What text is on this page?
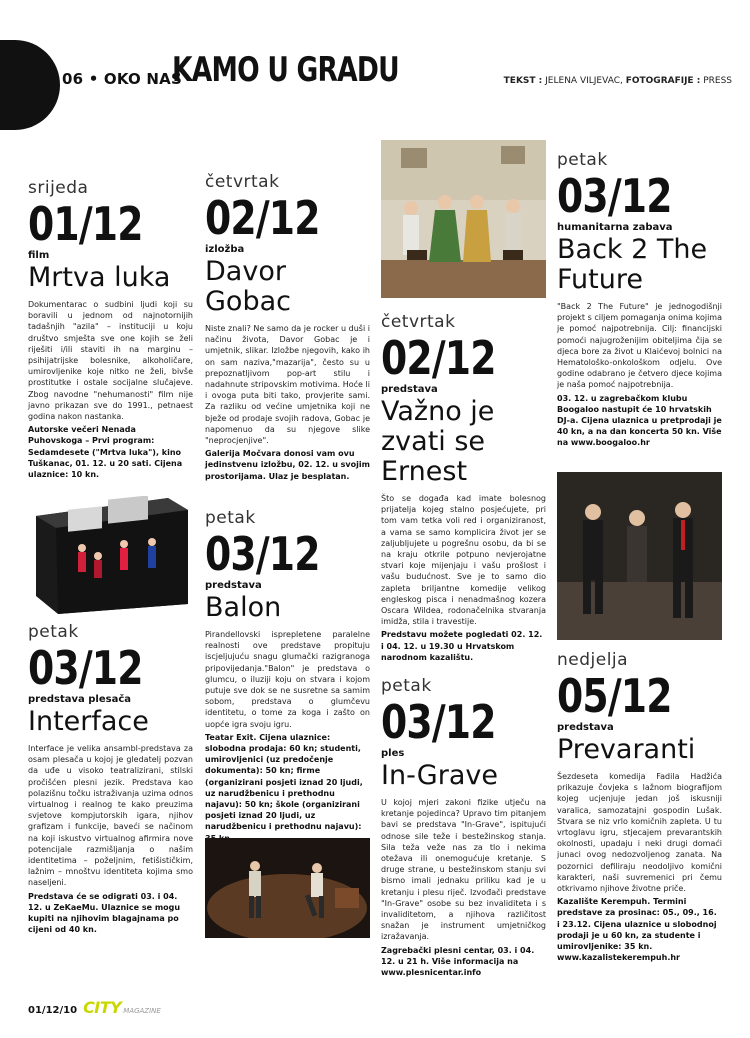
06 • OKO NAS
KAMO U GRADU	TEKST : JELENA VILJEVAC, FOTOGRAFIJE : PRESS
srijeda
01/12
film
Mrtva luka
Dokumentarac o sudbini ljudi koji su boravili u jednom od najnotornijih tadašnjih "azila" – instituciji u koju društvo smješta sve one kojih se želi riješiti i/ili staviti ih na marginu – psihijatrijske bolesnike, alkoholičare, umirovljenike koje nitko ne želi, bivše prostitutke i ostale socijalne slučajeve. Zbog navodne "nehumanosti" film nije javno prikazan sve do 1991., petnaest godina nakon nastanka.
Autorske večeri Nenada Puhovskoga – Prvi program: Sedamdesete ("Mrtva luka"), kino Tuškanac, 01. 12. u 20 sati. Cijena ulaznice: 10 kn.
petak
03/12
predstava plesača
Interface
Interface je velika ansambl-predstava za osam plesača u kojoj je gledatelj pozvan da uđe u visoko teatralizirani, stilski pročišćen plesni jezik. Predstava kao polazišnu točku istraživanja uzima odnos virtualnog i realnog te kako preuzima svjetove kompjutorskih igara, njihov grafizam i funkcije, baveći se načinom na koji iskustvo virtualnog afirmira nove potencijale razmišljanja o našim identitetima – poželjnim, fetišističkim, lažnim – mnoštvu identiteta kojima smo naseljeni.
Predstava će se odigrati 03. i 04. 12. u ZeKaeMu. Ulaznice se mogu kupiti na njihovim blagajnama po cijeni od 40 kn.
četvrtak
02/12
izložba
Davor Gobac
Niste znali? Ne samo da je rocker u duši i načinu života, Davor Gobac je i umjetnik, slikar. Izložbe njegovih, kako ih on sam naziva,"mazarija", često su u prepoznatljivom pop-art stilu i nadahnute stripovskim motivima. Hoće li i ovoga puta biti tako, provjerite sami. Za razliku od većine umjetnika koji ne bježe od prodaje svojih radova, Gobac je napomenuo da su njegove slike "neprocjenjive".
Galerija Močvara donosi vam ovu jedinstvenu izložbu, 02. 12. u svojim prostorijama. Ulaz je besplatan.
petak
03/12
predstava
Balon
Pirandellovski isprepletene paralelne realnosti ove predstave propituju iscjeljujuću snagu glumački razigranoga pripovijedanja."Balon" je predstava o glumcu, o iluziji koju on stvara i kojom putuje sve dok se ne susretne sa samim sobom, predstava o glumčevu identitetu, o tome za koga i zašto on uopće igra svoju igru.
Teatar Exit. Cijena ulaznice: slobodna prodaja: 60 kn; studenti, umirovljenici (uz predočenje dokumenta): 50 kn; firme (organizirani posjeti iznad 20 ljudi, uz narudžbenicu i prethodnu najavu): 50 kn; škole (organizirani posjeti iznad 20 ljudi, uz narudžbenicu i prethodnu najavu):
četvrtak
02/12
predstava
Važno je zvati se Ernest
Što se događa kad imate bolesnog prijatelja kojeg stalno posjećujete, pri tom vam tetka voli red i organiziranost, a vama se samo komplicira život jer se zaljubljujete u pogrešnu osobu, da bi se na kraju otkrile potpuno nevjerojatne stvari koje mijenjaju i vašu prošlost i vašu budućnost. Sve je to samo dio zapleta briljantne komedije velikog engleskog pisca i nenadmašnog kozera Oscara Wildea, rodonačelnika stvaranja imidža, stila i travestije.
Predstavu možete pogledati 02. 12. i 04. 12. u 19.30 u Hrvatskom narodnom kazalištu.
petak
03/12
ples
In-Grave
U kojoj mjeri zakoni fizike utječu na kretanje pojedinca? Upravo tim pitanjem bavi se predstava "In-Grave", ispitujući odnose sile teže i bestežinskog stanja. Sila teža veže nas za tlo i nekima otežava ili onemogućuje kretanje. S druge strane, u bestežinskom stanju svi bismo imali jednaku priliku kad je u kretanju i plesu riječ. Izvođači predstave "In-Grave" osobe su bez invaliditeta i s invaliditetom, a njihova različitost snažan je instrument umjetničkog izražavanja.
Zagrebački plesni centar, 03. i 04. 12. u 21 h. Više informacija na www.plesnicentar.info
petak
03/12
humanitarna zabava
Back 2 The Future
"Back 2 The Future" je jednogodišnji projekt s ciljem pomaganja onima kojima je pomoć najpotrebnija. Cilj: financijski pomoći najugroženijim obiteljima čija se djeca bore za život u Klaićevoj bolnici na Hematološko-onkološkom odjelu. Ove godine odabrano je četvero djece kojima je naša pomoć najpotrebnija.
03. 12. u zagrebačkom klubu Boogaloo nastupit će 10 hrvatskih DJ-a. Cijena ulaznica u pretprodaji je 40 kn, a na dan koncerta 50 kn. Više na www.boogaloo.hr
nedjelja
05/12
predstava
Prevaranti
Šezdeseta komedija Fadila Hadžića prikazuje čovjeka s lažnom biografijom kojeg ucjenjuje jedan još iskusniji varalica, samozatajni gospodin Lušak. Stvara se niz vrlo komičnih zapleta. U tu vrtoglavu igru, stjecajem prevarantskih okolnosti, upadaju i neki drugi domaći junaci ovog nedozvoljenog zanata. Na pozornici defiliraju neodoljivo komični karakteri, naši suvremenici pri čemu otkrivamo njihove životne priče.
Kazalište Kerempuh. Termini predstave za prosinac: 05., 09., 16. i 23.12. Cijena ulaznice u slobodnoj prodaji je u 60 kn, za studente i umirovljenike: 35 kn. www.kazalistekerempuh.hr
01/12/10 CITY MAGAZINE
